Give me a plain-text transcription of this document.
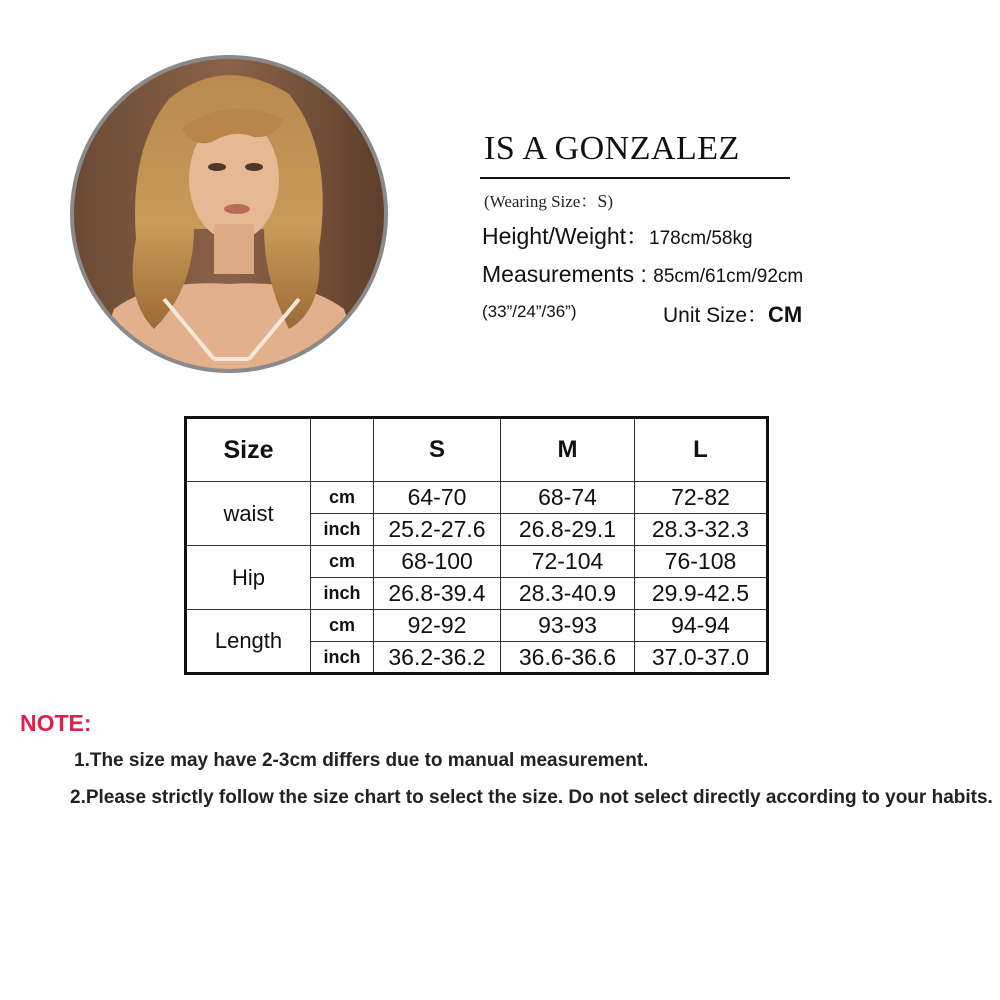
IS A GONZALEZ
(Wearing Size：S)
Height/Weight：178cm/58kg
Measurements : 85cm/61cm/92cm
(33”/24”/36”)	Unit Size：CM
Size		S	M	L
waist	cm	64-70	68-74	72-82
	inch	25.2-27.6	26.8-29.1	28.3-32.3
Hip	cm	68-100	72-104	76-108
	inch	26.8-39.4	28.3-40.9	29.9-42.5
Length	cm	92-92	93-93	94-94
	inch	36.2-36.2	36.6-36.6	37.0-37.0
NOTE:
1.The size may have 2-3cm differs due to manual measurement.
2.Please strictly follow the size chart to select the size. Do not select directly according to your habits.
